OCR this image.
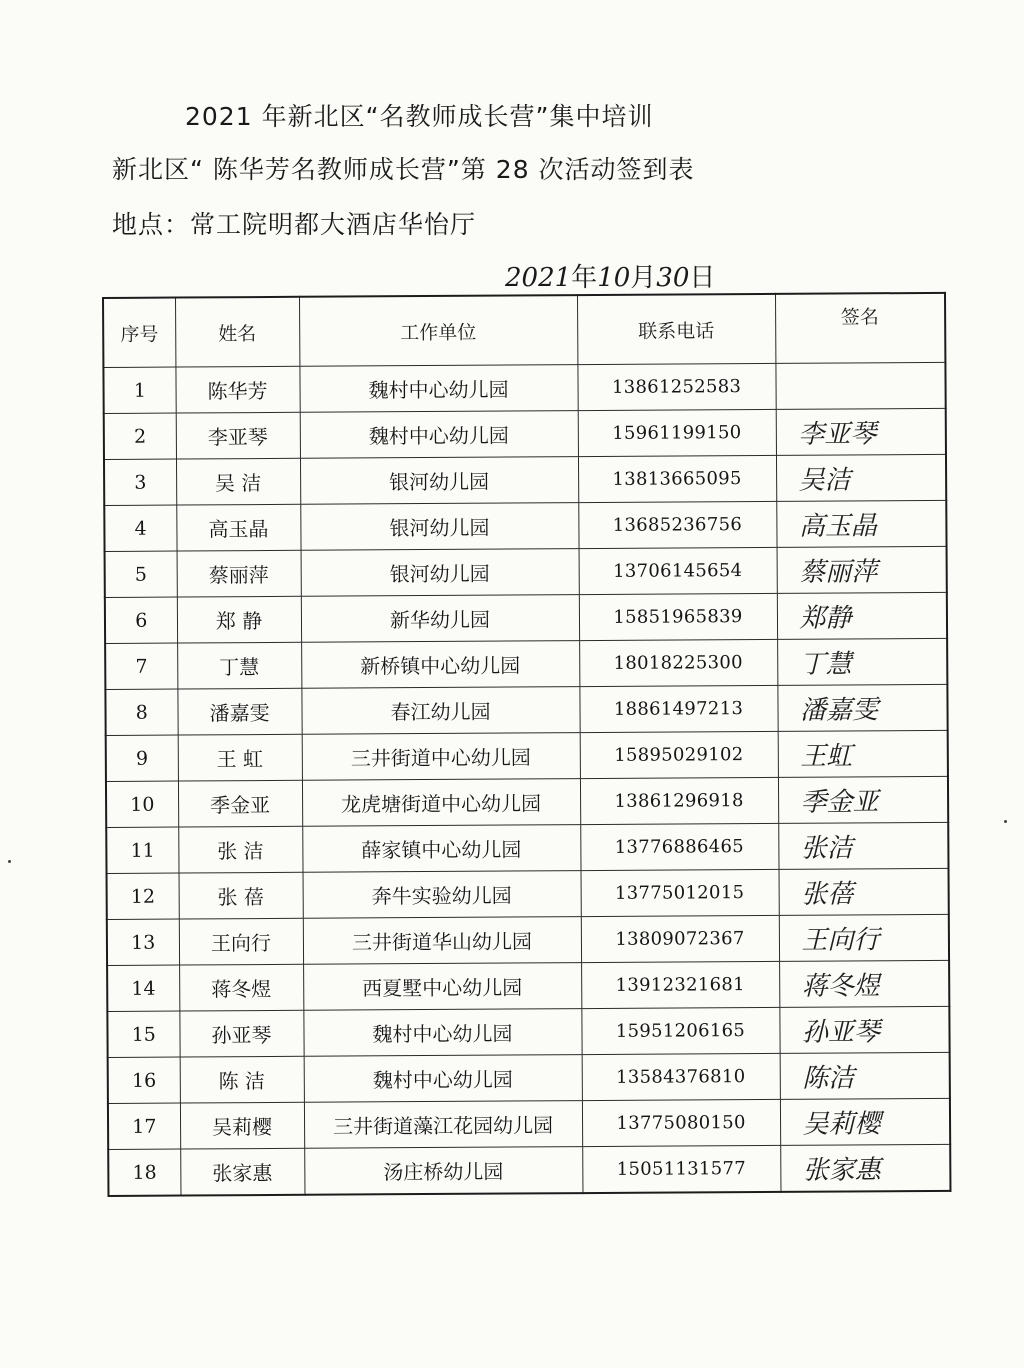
2021 年新北区“名教师成长营”集中培训
新北区“ 陈华芳名教师成长营”第 28 次活动签到表
地点：常工院明都大酒店华怡厅
2021年10月30日
序号	姓名	工作单位	联系电话	签名
1	陈华芳	魏村中心幼儿园	13861252583	
2	李亚琴	魏村中心幼儿园	15961199150	李亚琴
3	吴 洁	银河幼儿园	13813665095	吴洁
4	高玉晶	银河幼儿园	13685236756	高玉晶
5	蔡丽萍	银河幼儿园	13706145654	蔡丽萍
6	郑 静	新华幼儿园	15851965839	郑静
7	丁慧	新桥镇中心幼儿园	18018225300	丁慧
8	潘嘉雯	春江幼儿园	18861497213	潘嘉雯
9	王 虹	三井街道中心幼儿园	15895029102	王虹
10	季金亚	龙虎塘街道中心幼儿园	13861296918	季金亚
11	张 洁	薛家镇中心幼儿园	13776886465	张洁
12	张 蓓	奔牛实验幼儿园	13775012015	张蓓
13	王向行	三井街道华山幼儿园	13809072367	王向行
14	蒋冬煜	西夏墅中心幼儿园	13912321681	蒋冬煜
15	孙亚琴	魏村中心幼儿园	15951206165	孙亚琴
16	陈 洁	魏村中心幼儿园	13584376810	陈洁
17	吴莉樱	三井街道藻江花园幼儿园	13775080150	吴莉樱
18	张家惠	汤庄桥幼儿园	15051131577	张家惠
